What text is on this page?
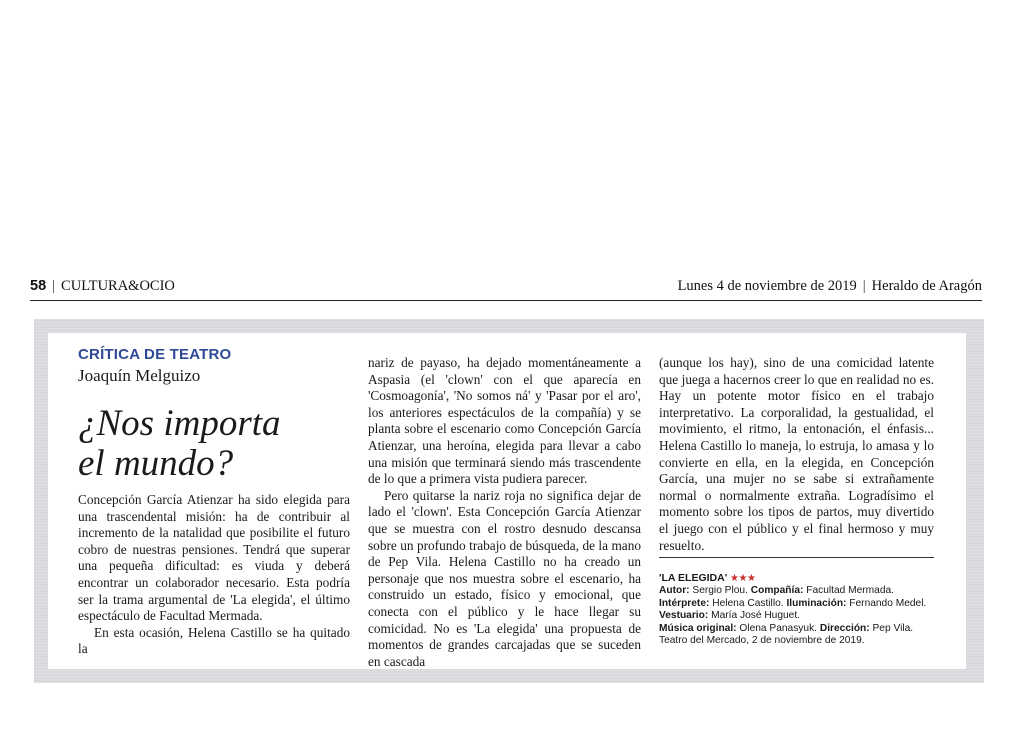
58 | CULTURA&OCIO	Lunes 4 de noviembre de 2019 | Heraldo de Aragón
CRÍTICA DE TEATRO
Joaquín Melguizo
¿Nos importa
el mundo?

Concepción García Atienzar ha sido elegida para una trascendental misión: ha de contribuir al incremento de la natalidad que posibilite el futuro cobro de nuestras pensiones. Tendrá que superar una pequeña dificultad: es viuda y deberá encontrar un colaborador necesario. Esta podría ser la trama argumental de 'La elegida', el último espectáculo de Facultad Mermada.

En esta ocasión, Helena Castillo se ha quitado la

nariz de payaso, ha dejado momentáneamente a Aspasia (el 'clown' con el que aparecía en 'Cosmoagonía', 'No somos ná' y 'Pasar por el aro', los anteriores espectáculos de la compañía) y se planta sobre el escenario como Concepción García Atienzar, una heroína, elegida para llevar a cabo una misión que terminará siendo más trascendente de lo que a primera vista pudiera parecer.

Pero quitarse la nariz roja no significa dejar de lado el 'clown'. Esta Concepción García Atienzar que se muestra con el rostro desnudo descansa sobre un profundo trabajo de búsqueda, de la mano de Pep Vila. Helena Castillo no ha creado un personaje que nos muestra sobre el escenario, ha construido un estado, físico y emocional, que conecta con el público y le hace llegar su comicidad. No es 'La elegida' una propuesta de momentos de grandes carcajadas que se suceden en cascada

(aunque los hay), sino de una comicidad latente que juega a hacernos creer lo que en realidad no es. Hay un potente motor físico en el trabajo interpretativo. La corporalidad, la gestualidad, el movimiento, el ritmo, la entonación, el énfasis... Helena Castillo lo maneja, lo estruja, lo amasa y lo convierte en ella, en la elegida, en Concepción García, una mujer no se sabe si extrañamente normal o normalmente extraña. Logradísimo el momento sobre los tipos de partos, muy divertido el juego con el público y el final hermoso y muy resuelto.

'LA ELEGIDA' ★★★
Autor: Sergio Plou. Compañía: Facultad Mermada. Intérprete: Helena Castillo. Iluminación: Fernando Medel. Vestuario: María José Huguet.
Música original: Olena Panasyuk. Dirección: Pep Vila.
Teatro del Mercado, 2 de noviembre de 2019.
